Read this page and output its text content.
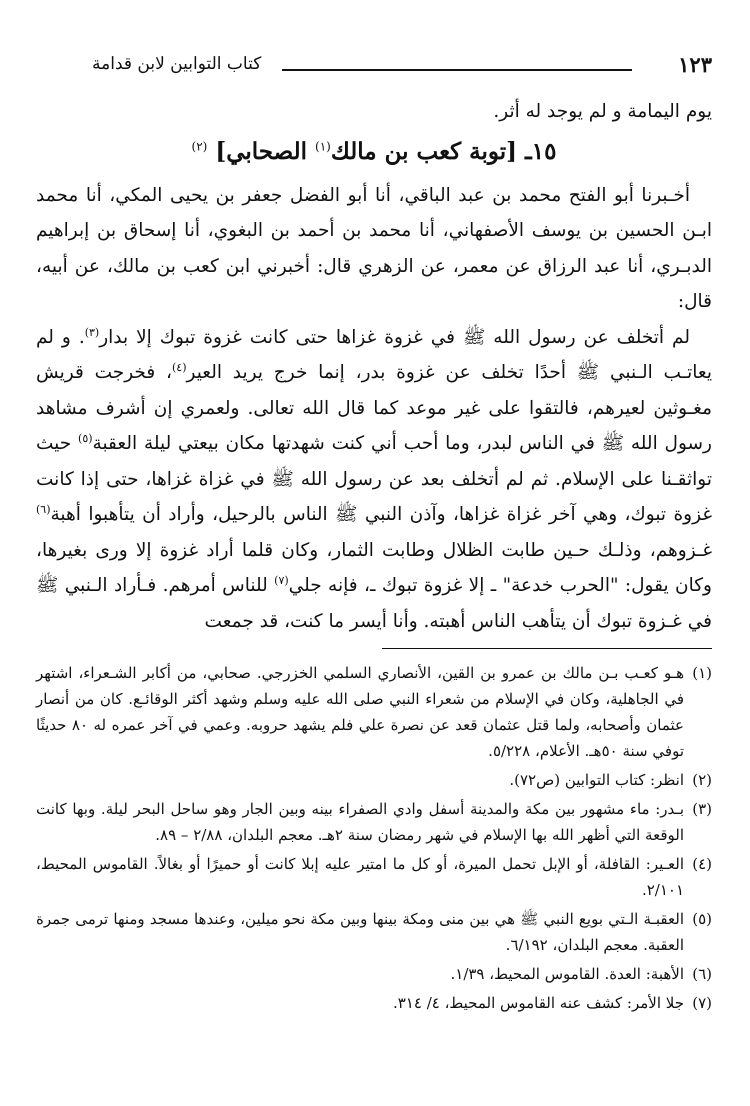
١٢٣
كتاب التوابين لابن قدامة

يوم اليمامة و لم يوجد له أثر.

١٥ـ [توبة كعب بن مالك$^{(١)}$ الصحابي] $^{(٢)}$

أخـبرنا أبو الفتح محمد بن عبد الباقي، أنا أبو الفضل جعفر بن يحيى المكي، أنا محمد ابـن الحسين بن يوسف الأصفهاني، أنا محمد بن أحمد بن البغوي، أنا إسحاق بن إبراهيم الدبـري، أنا عبد الرزاق عن معمر، عن الزهري قال: أخبرني ابن كعب بن مالك، عن أبيه، قال:

لم أتخلف عن رسول الله ﷺ في غزوة غزاها حتى كانت غزوة تبوك إلا بدار$^{(٣)}$. و لم يعاتـب الـنبي ﷺ أحدًا تخلف عن غزوة بدر، إنما خرج يريد العير$^{(٤)}$، فخرجت قريش مغـوثين لعيرهم، فالتقوا على غير موعد كما قال الله تعالى. ولعمري إن أشرف مشاهد رسول الله ﷺ في الناس لبدر، وما أحب أني كنت شهدتها مكان بيعتي ليلة العقبة$^{(٥)}$ حيث تواثقـنا على الإسلام. ثم لم أتخلف بعد عن رسول الله ﷺ في غزاة غزاها، حتى إذا كانت غزوة تبوك، وهي آخر غزاة غزاها، وآذن النبي ﷺ الناس بالرحيل، وأراد أن يتأهبوا أهبة$^{(٦)}$ غـزوهم، وذلـك حـين طابت الظلال وطابت الثمار، وكان قلما أراد غزوة إلا ورى بغيرها، وكان يقول: "الحرب خدعة" ـ إلا غزوة تبوك ـ، فإنه جلي$^{(٧)}$ للناس أمرهم. فـأراد الـنبي ﷺ في غـزوة تبوك أن يتأهب الناس أهبته. وأنا أيسر ما كنت، قد جمعت

(١)
هـو كعـب بـن مالك بن عمرو بن القين، الأنصاري السلمي الخزرجي. صحابي، من أكابر الشـعراء، اشتهر في الجاهلية، وكان في الإسلام من شعراء النبي صلى الله عليه وسلم وشهد أكثر الوقائـع. كان من أنصار عثمان وأصحابه، ولما قتل عثمان قعد عن نصرة علي فلم يشهد حروبه. وعمي في آخر عمره له ٨٠ حديثًا توفي سنة ٥٠هـ. الأعلام، ٥/٢٢٨.

(٢)
انظر: كتاب التوابين (ص٧٢).

(٣)
بـدر: ماء مشهور بين مكة والمدينة أسفل وادي الصفراء بينه وبين الجار وهو ساحل البحر ليلة. وبها كانت الوقعة التي أظهر الله بها الإسلام في شهر رمضان سنة ٢هـ. معجم البلدان، ٢/٨٨ – ٨٩.

(٤)
العـير: القافلة، أو الإبل تحمل الميرة، أو كل ما امتير عليه إبلا كانت أو حميرًا أو بغالاً. القاموس المحيط، ٢/١٠١.

(٥)
العقبـة الـتي بويع النبي ﷺ هي بين منى ومكة بينها وبين مكة نحو ميلين، وعندها مسجد ومنها ترمى جمرة العقبة. معجم البلدان، ٦/١٩٢.

(٦)
الأهبة: العدة. القاموس المحيط، ١/٣٩.

(٧)
جلا الأمر: كشف عنه القاموس المحيط، ٤/ ٣١٤.
